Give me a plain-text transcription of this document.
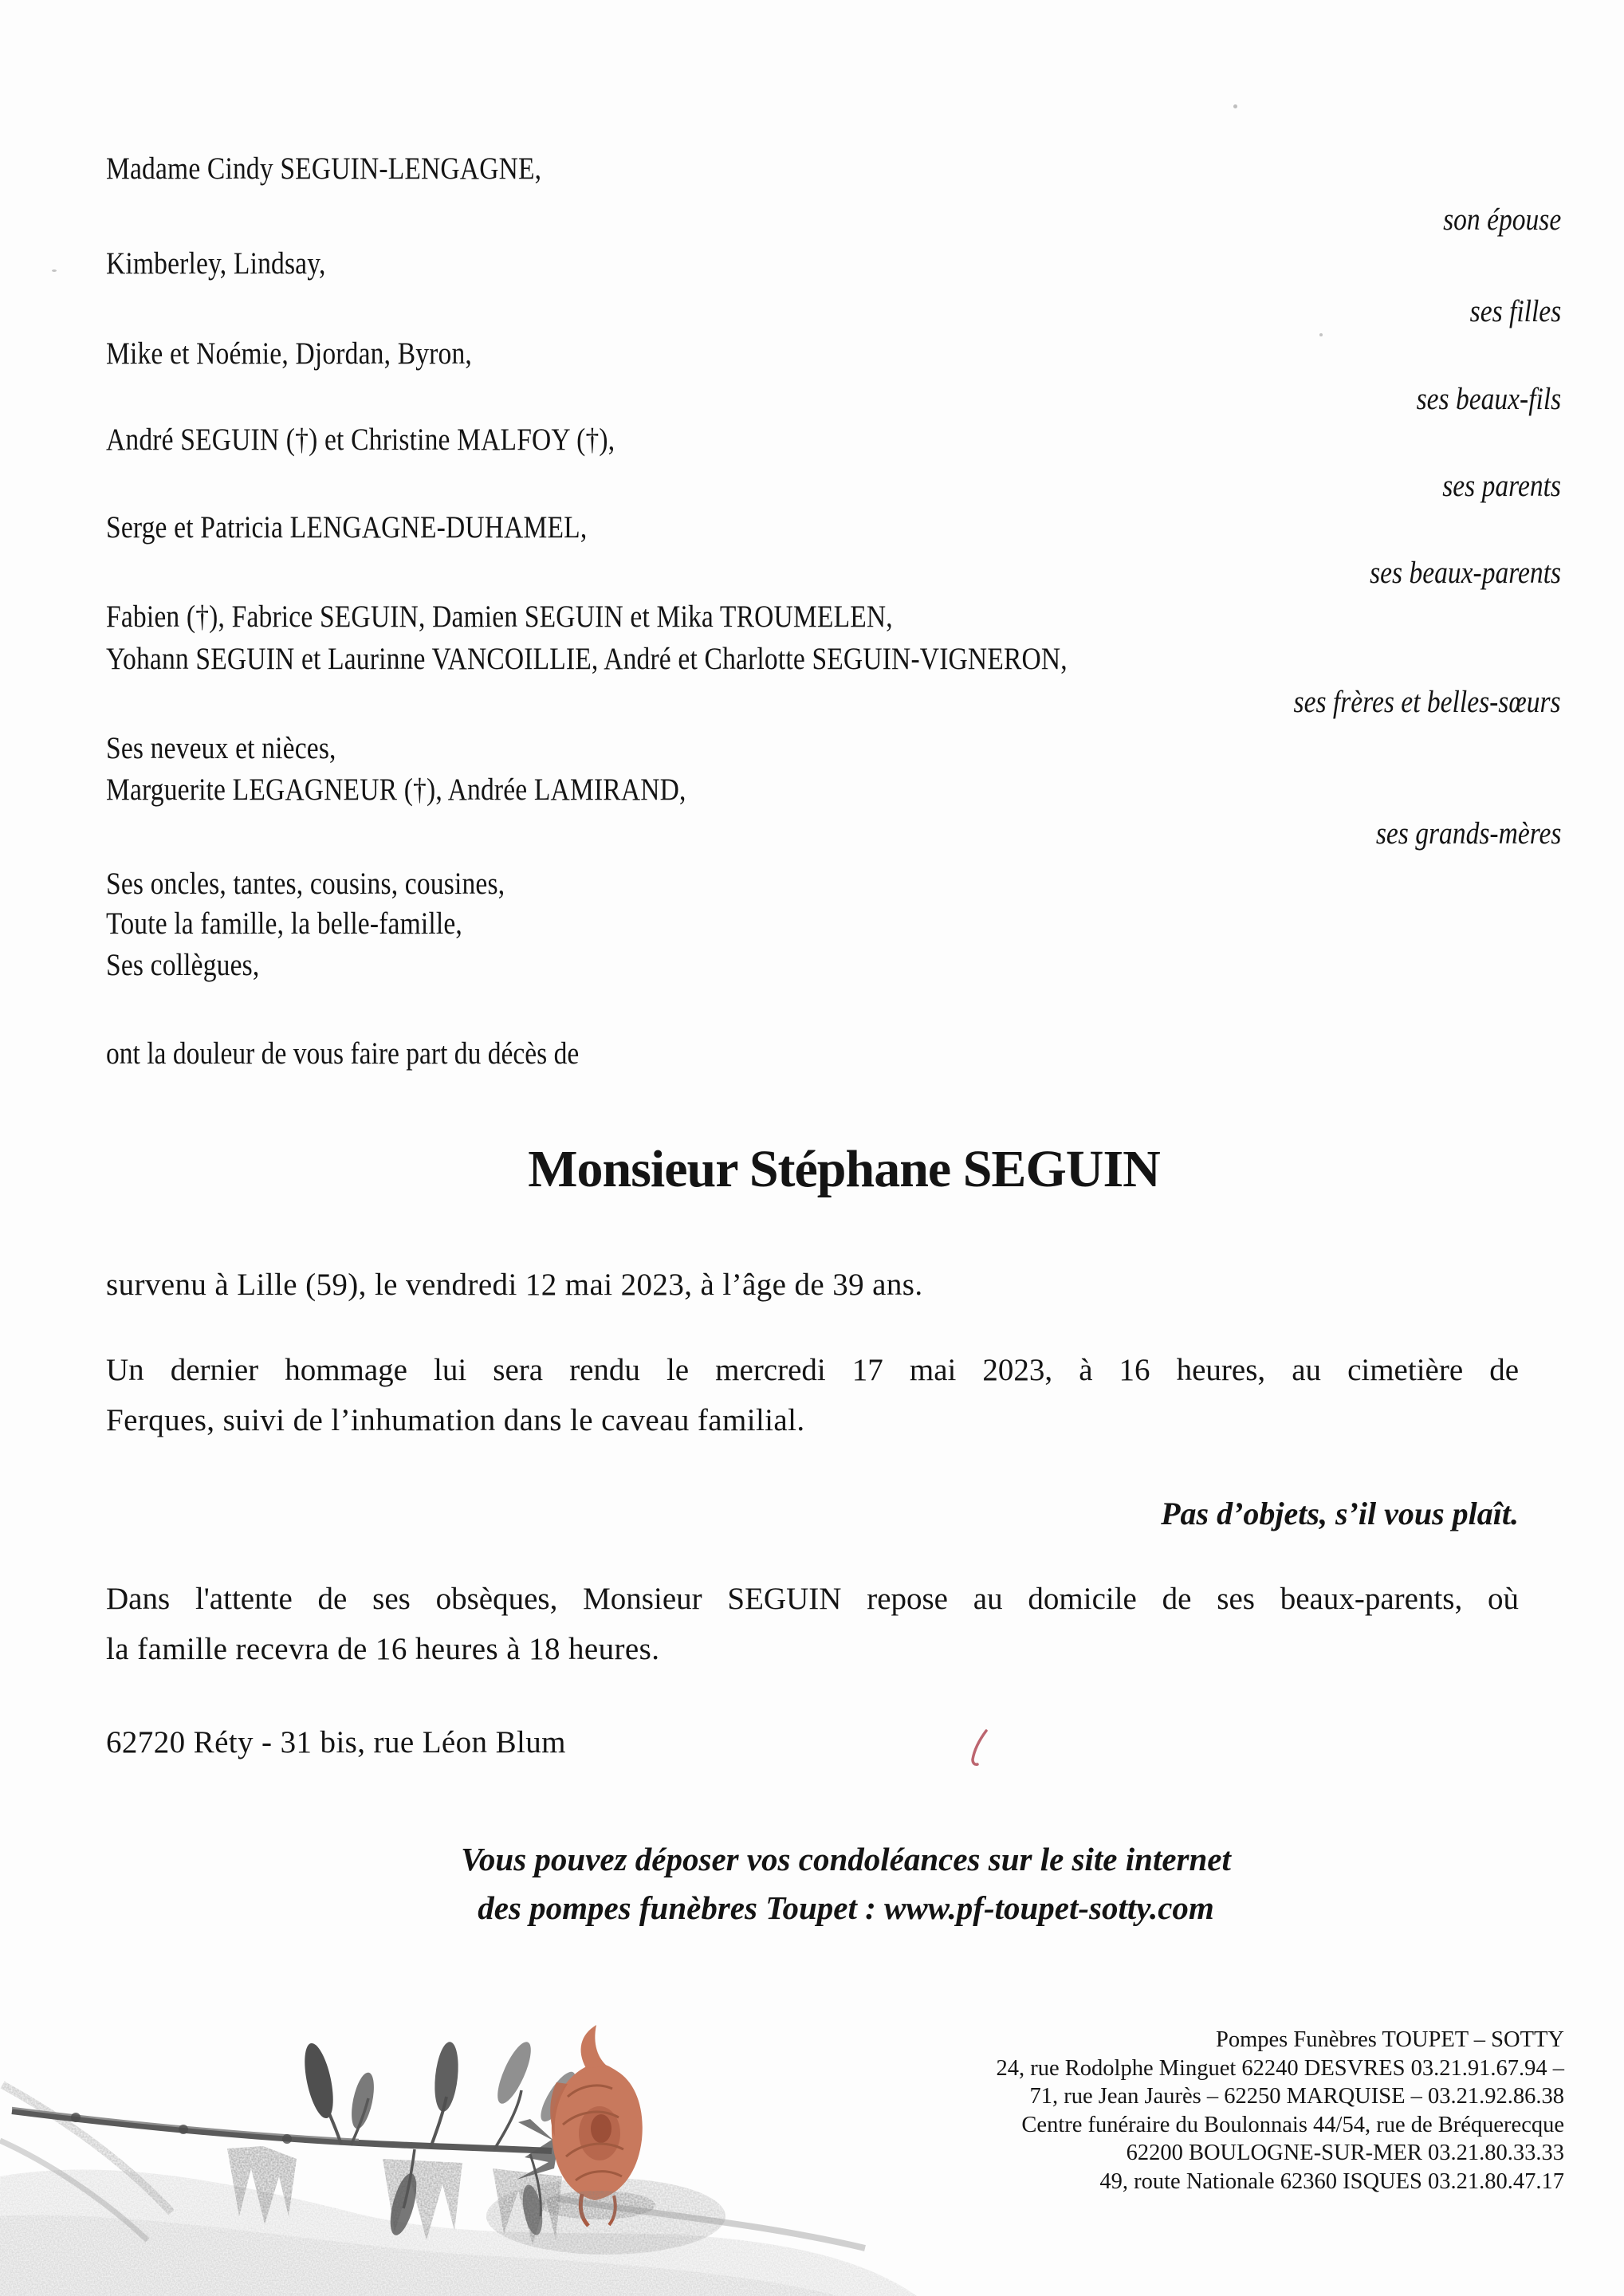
Madame Cindy SEGUIN-LENGAGNE,
son épouse
Kimberley, Lindsay,
ses filles
Mike et Noémie, Djordan, Byron,
ses beaux-fils
André SEGUIN (†) et Christine MALFOY (†),
ses parents
Serge et Patricia LENGAGNE-DUHAMEL,
ses beaux-parents
Fabien (†), Fabrice SEGUIN, Damien SEGUIN et Mika TROUMELEN,
Yohann SEGUIN et Laurinne VANCOILLIE, André et Charlotte SEGUIN-VIGNERON,
ses frères et belles-sœurs
Ses neveux et nièces,
Marguerite LEGAGNEUR (†), Andrée LAMIRAND,
ses grands-mères
Ses oncles, tantes, cousins, cousines,
Toute la famille, la belle-famille,
Ses collègues,
ont la douleur de vous faire part du décès de
Monsieur Stéphane SEGUIN
survenu à Lille (59), le vendredi 12 mai 2023, à l’âge de 39 ans.
Un dernier hommage lui sera rendu le mercredi 17 mai 2023, à 16 heures, au cimetière de
Ferques, suivi de l’inhumation dans le caveau familial.
Pas d’objets, s’il vous plaît.
Dans l'attente de ses obsèques, Monsieur SEGUIN repose au domicile de ses beaux-parents, où
la famille recevra de 16 heures à 18 heures.
62720 Réty - 31 bis, rue Léon Blum
Vous pouvez déposer vos condoléances sur le site internet
des pompes funèbres Toupet : www.pf-toupet-sotty.com
Pompes Funèbres TOUPET – SOTTY
24, rue Rodolphe Minguet 62240 DESVRES 03.21.91.67.94 –
71, rue Jean Jaurès – 62250 MARQUISE – 03.21.92.86.38
Centre funéraire du Boulonnais 44/54, rue de Bréquerecque
62200 BOULOGNE-SUR-MER 03.21.80.33.33
49, route Nationale 62360 ISQUES 03.21.80.47.17
